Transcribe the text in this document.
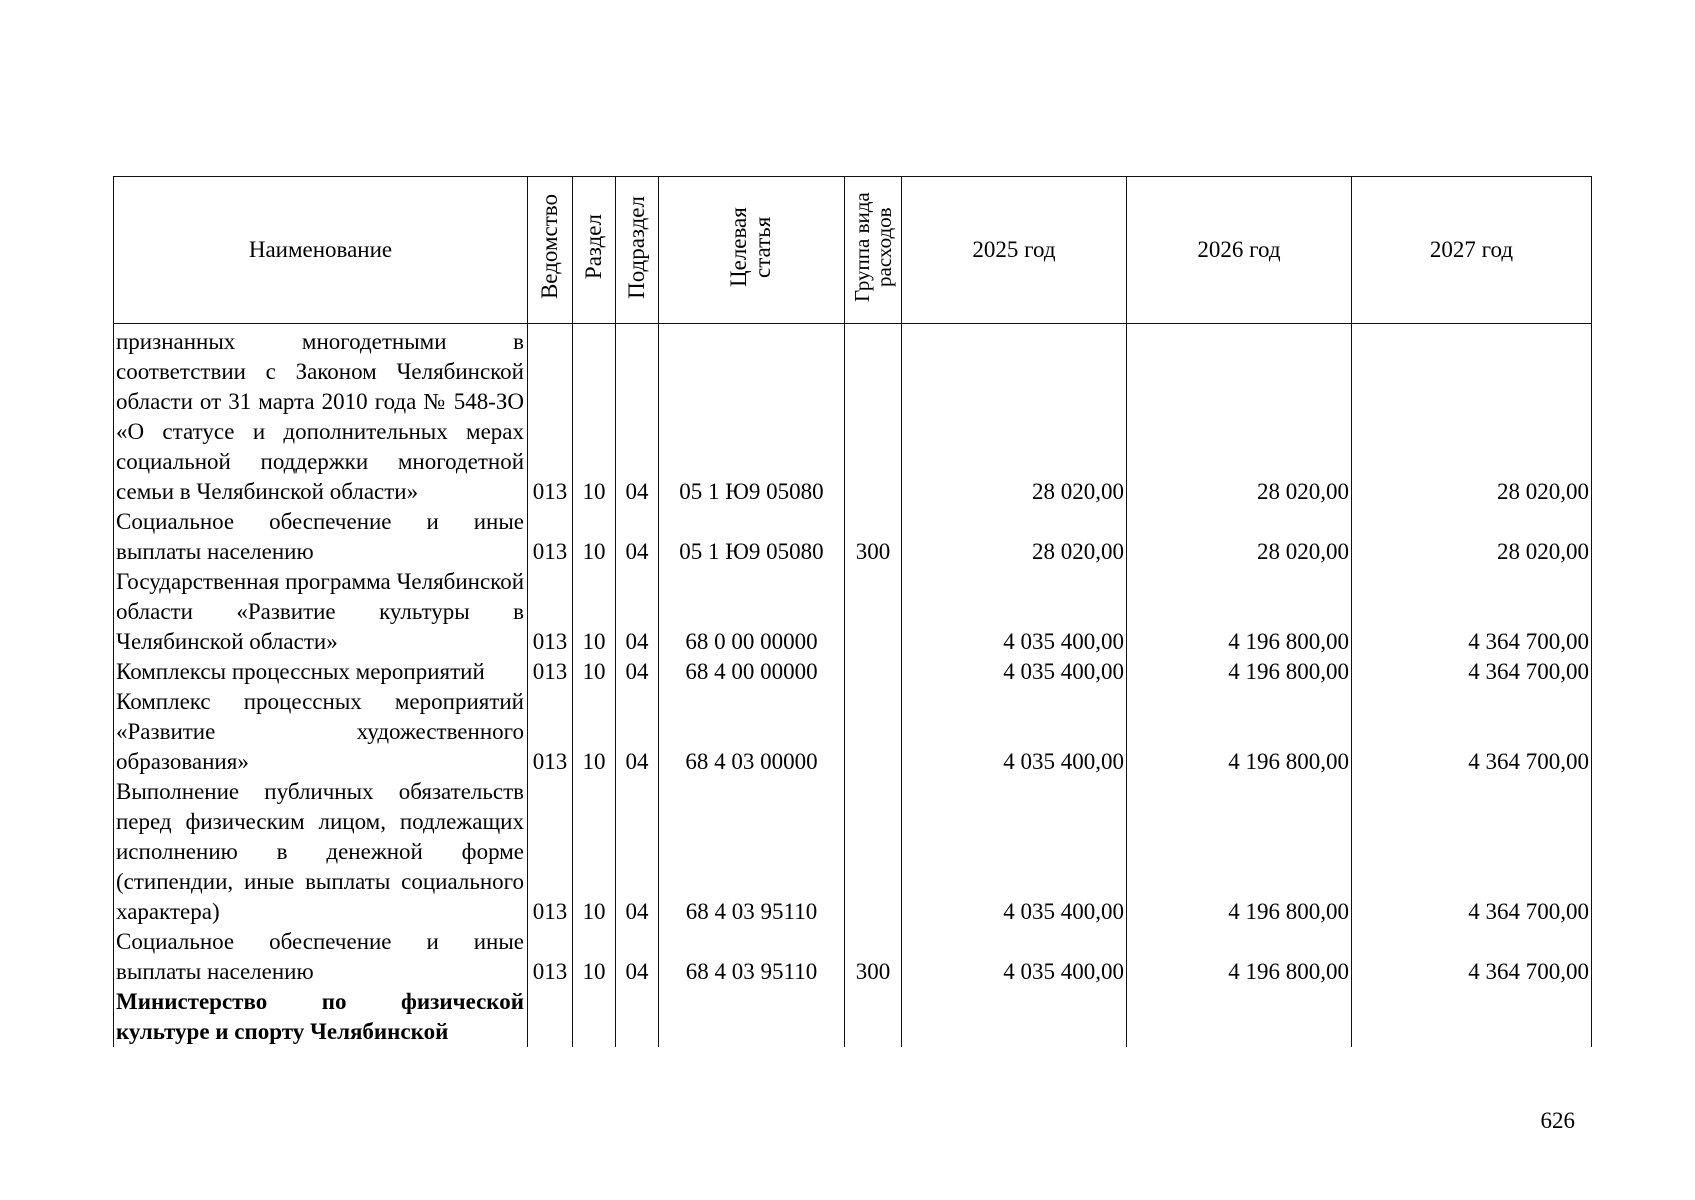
Наименование	Ведомство	Раздел	Подраздел	Целевая статья	Группа вида расходов	2025 год	2026 год	2027 год
признанных многодетными в соответствии с Законом Челябинской области от 31 марта 2010 года № 548-ЗО «О статусе и дополнительных мерах социальной поддержки многодетной семьи в Челябинской области»	013	10	04	05 1 Ю9 05080		28 020,00	28 020,00	28 020,00
Социальное обеспечение и иные выплаты населению	013	10	04	05 1 Ю9 05080	300	28 020,00	28 020,00	28 020,00
Государственная программа Челябинской области «Развитие культуры в Челябинской области»	013	10	04	68 0 00 00000		4 035 400,00	4 196 800,00	4 364 700,00
Комплексы процессных мероприятий	013	10	04	68 4 00 00000		4 035 400,00	4 196 800,00	4 364 700,00
Комплекс процессных мероприятий «Развитие художественного образования»	013	10	04	68 4 03 00000		4 035 400,00	4 196 800,00	4 364 700,00
Выполнение публичных обязательств перед физическим лицом, подлежащих исполнению в денежной форме (стипендии, иные выплаты социального характера)	013	10	04	68 4 03 95110		4 035 400,00	4 196 800,00	4 364 700,00
Социальное обеспечение и иные выплаты населению	013	10	04	68 4 03 95110	300	4 035 400,00	4 196 800,00	4 364 700,00
Министерство по физической культуре и спорту Челябинской								
626
